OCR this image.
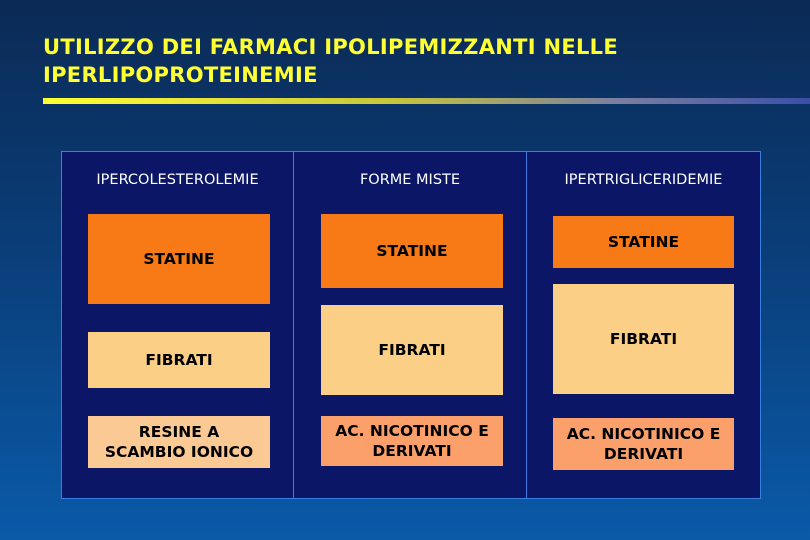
UTILIZZO DEI FARMACI IPOLIPEMIZZANTI NELLE IPERLIPOPROTEINEMIE
IPERCOLESTEROLEMIE
STATINE
FIBRATI
RESINE A SCAMBIO IONICO
FORME MISTE
STATINE
FIBRATI
AC. NICOTINICO E DERIVATI
IPERTRIGLICERIDEMIE
STATINE
FIBRATI
AC. NICOTINICO E DERIVATI
